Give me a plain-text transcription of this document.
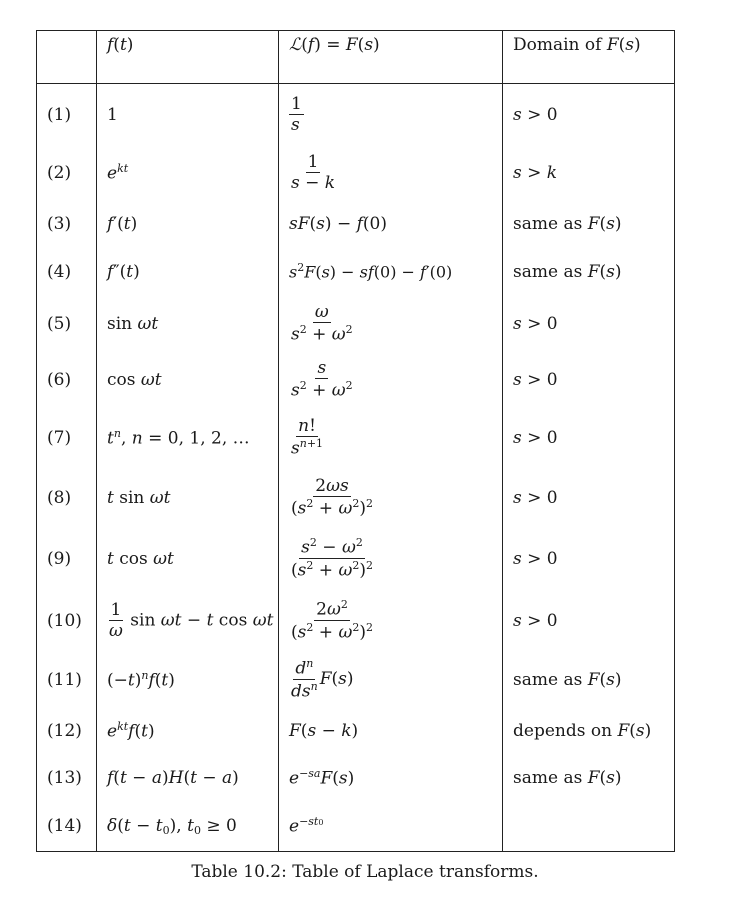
	f(t)	ℒ(f) = F(s)	Domain of F(s)
(1)	1	$\frac{1}{s}$	s > 0
(2)	$e^{kt}$	$\frac{1}{s - k}$	s > k
(3)	f′(t)	sF(s) − f(0)	same as F(s)
(4)	f″(t)	$s^2F(s) - sf(0) - f'(0)$	same as F(s)
(5)	sin ωt	$\frac{\omega}{s^2 + \omega^2}$	s > 0
(6)	cos ωt	$\frac{s}{s^2 + \omega^2}$	s > 0
(7)	$t^n$, n = 0, 1, 2, …	$\frac{n!}{s^{n+1}}$	s > 0
(8)	t sin ωt	$\frac{2\omega s}{(s^2 + \omega^2)^2}$	s > 0
(9)	t cos ωt	$\frac{s^2 - \omega^2}{(s^2 + \omega^2)^2}$	s > 0
(10)	$\frac{1}{\omega}$ sin ωt − t cos ωt	$\frac{2\omega^2}{(s^2 + \omega^2)^2}$	s > 0
(11)	$(-t)^nf(t)$	$\frac{d^n}{ds^n} F(s)$	same as F(s)
(12)	$e^{kt}f(t)$	F(s − k)	depends on F(s)
(13)	f(t − a)H(t − a)	$e^{-sa}F(s)$	same as F(s)
(14)	$\delta(t - t_0)$, $t_0 \ge 0$	$e^{-st0}$	
Table 10.2: Table of Laplace transforms.
